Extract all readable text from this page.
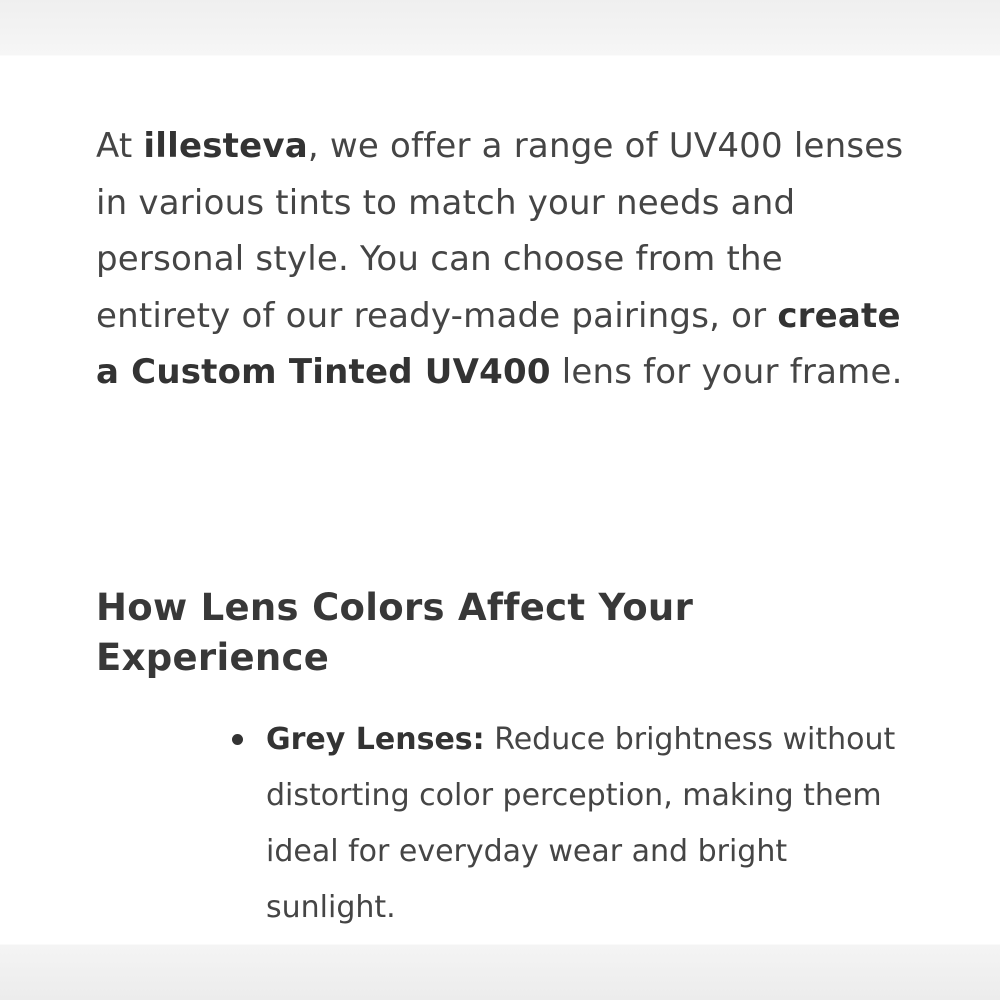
At illesteva, we offer a range of UV400 lenses in various tints to match your needs and personal style. You can choose from the entirety of our ready-made pairings, or create a Custom Tinted UV400 lens for your frame.

How Lens Colors Affect Your Experience
Grey Lenses: Reduce brightness without distorting color perception, making them ideal for everyday wear and bright sunlight.
